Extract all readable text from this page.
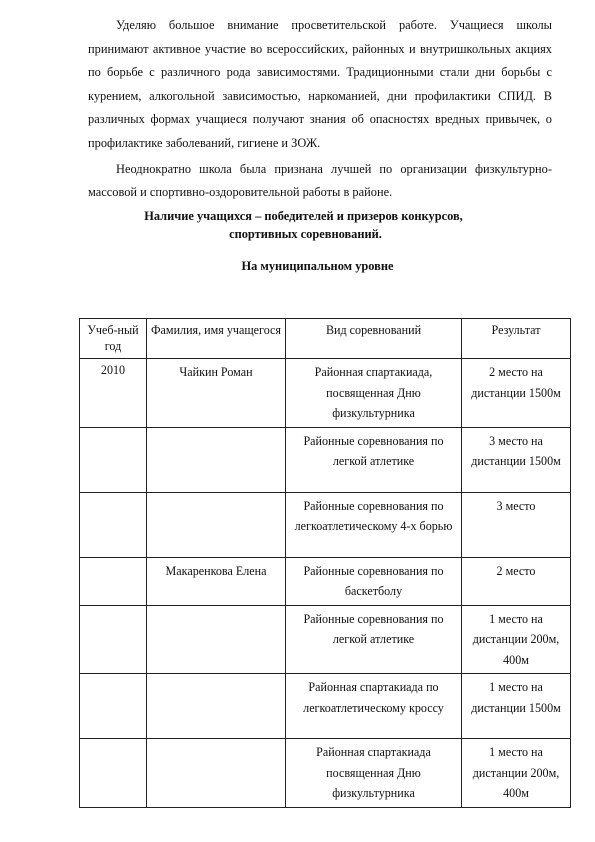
Уделяю большое внимание просветительской работе. Учащиеся школы принимают активное участие во всероссийских, районных и внутришкольных акциях по борьбе с различного рода зависимостями. Традиционными стали дни борьбы с курением, алкогольной зависимостью, наркоманией, дни профилактики СПИД. В различных формах учащиеся получают знания об опасностях вредных привычек, о профилактике заболеваний, гигиене и ЗОЖ.

Неоднократно школа была признана лучшей по организации физкультурно-массовой и спортивно-оздоровительной работы в районе.

Наличие учащихся – победителей и призеров конкурсов,

спортивных соревнований.

На муниципальном уровне

Учеб-ный год	Фамилия, имя учащегося	Вид соревнований	Результат
2010	Чайкин Роман	Районная спартакиада, посвященная Дню физкультурника	2 место на дистанции 1500м
		Районные соревнования по легкой атлетике	3 место на дистанции 1500м
		Районные соревнования по легкоатлетическому 4-х борью	3 место
	Макаренкова Елена	Районные соревнования по баскетболу	2 место
		Районные соревнования по легкой атлетике	1 место на дистанции 200м, 400м
		Районная спартакиада по легкоатлетическому кроссу	1 место на дистанции 1500м
		Районная спартакиада посвященная Дню физкультурника	1 место на дистанции 200м, 400м
